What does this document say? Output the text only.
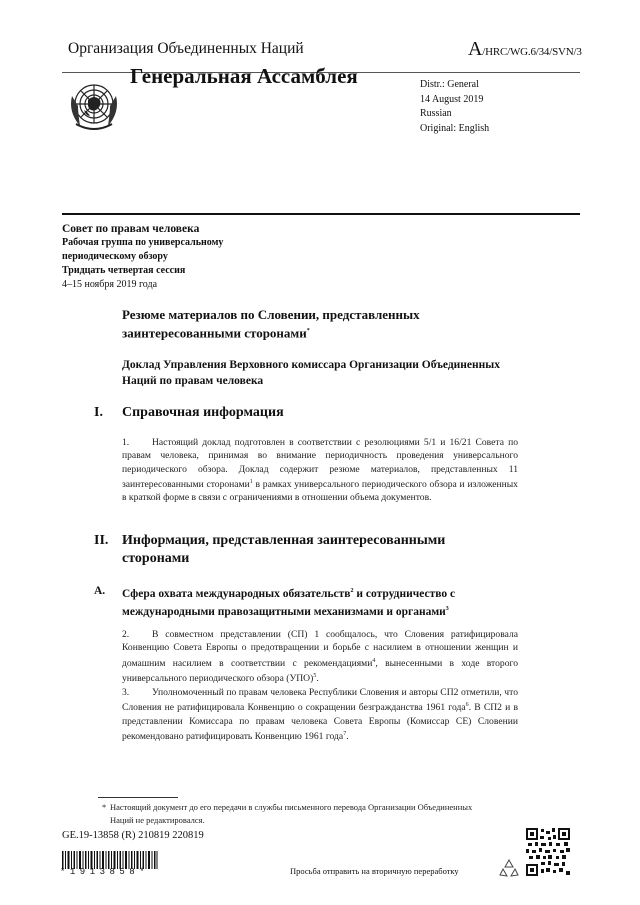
Организация Объединенных Наций	A/HRC/WG.6/34/SVN/3
Генеральная Ассамблея	Distr.: General
14 August 2019
Russian
Original: English
Совет по правам человека
Рабочая группа по универсальному
периодическому обзору
Тридцать четвертая сессия
4–15 ноября 2019 года
Резюме материалов по Словении, представленных заинтересованными сторонами*
Доклад Управления Верховного комиссара Организации Объединенных Наций по правам человека
I. Справочная информация
1. Настоящий доклад подготовлен в соответствии с резолюциями 5/1 и 16/21 Совета по правам человека, принимая во внимание периодичность проведения универсального периодического обзора. Доклад содержит резюме материалов, представленных 11 заинтересованными сторонами$^1$ в рамках универсального периодического обзора и изложенных в краткой форме в связи с ограничениями в отношении объема документов.
II. Информация, представленная заинтересованными сторонами
A. Сфера охвата международных обязательств$^2$ и сотрудничество с международными правозащитными механизмами и органами$^3$
2. В совместном представлении (СП) 1 сообщалось, что Словения ратифицировала Конвенцию Совета Европы о предотвращении и борьбе с насилием в отношении женщин и домашним насилием в соответствии с рекомендациями$^4$, вынесенными в ходе второго универсального периодического обзора (УПО)$^5$.
3. Уполномоченный по правам человека Республики Словения и авторы СП2 отметили, что Словения не ратифицировала Конвенцию о сокращении безгражданства 1961 года$^6$. В СП2 и в представлении Комиссара по правам человека Совета Европы (Комиссар СЕ) Словении рекомендовано ратифицировать Конвенцию 1961 года$^7$.
* Настоящий документ до его передачи в службы письменного перевода Организации Объединенных Наций не редактировался.
GE.19-13858 (R) 210819 220819
*1913858*	Просьба отправить на вторичную переработку
